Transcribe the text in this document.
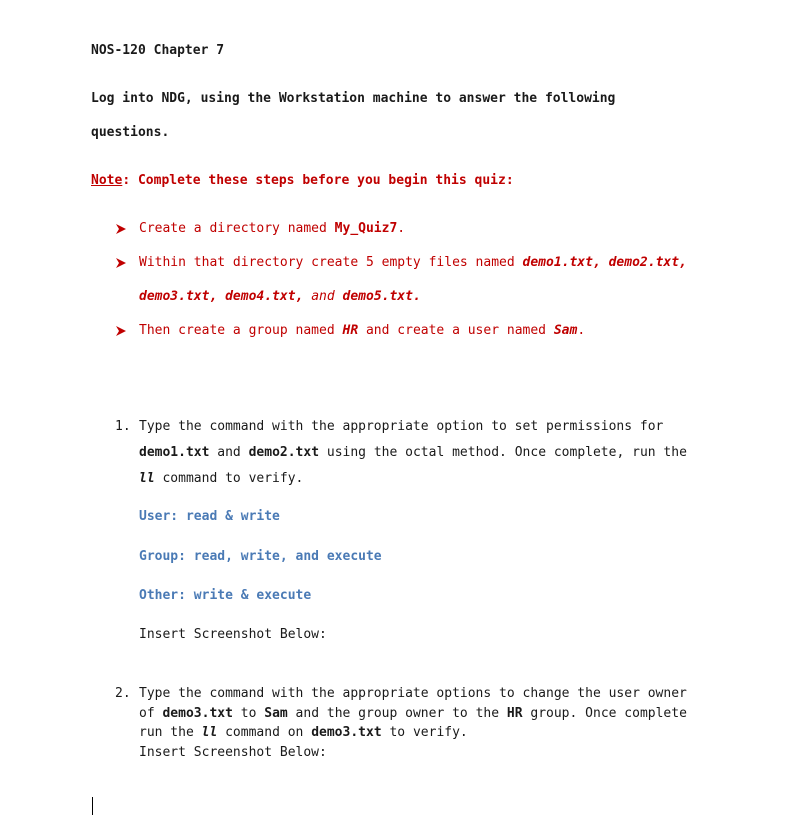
NOS-120 Chapter 7
Log into NDG, using the Workstation machine to answer the following
questions.
Note: Complete these steps before you begin this quiz:
Create a directory named My_Quiz7.
Within that directory create 5 empty files named demo1.txt, demo2.txt,
demo3.txt, demo4.txt, and demo5.txt.
Then create a group named HR and create a user named Sam.
1. Type the command with the appropriate option to set permissions for
demo1.txt and demo2.txt using the octal method. Once complete, run the
ll command to verify.
User: read & write
Group: read, write, and execute
Other: write & execute
Insert Screenshot Below:
2. Type the command with the appropriate options to change the user owner
of demo3.txt to Sam and the group owner to the HR group. Once complete
run the ll command on demo3.txt to verify.
Insert Screenshot Below:
